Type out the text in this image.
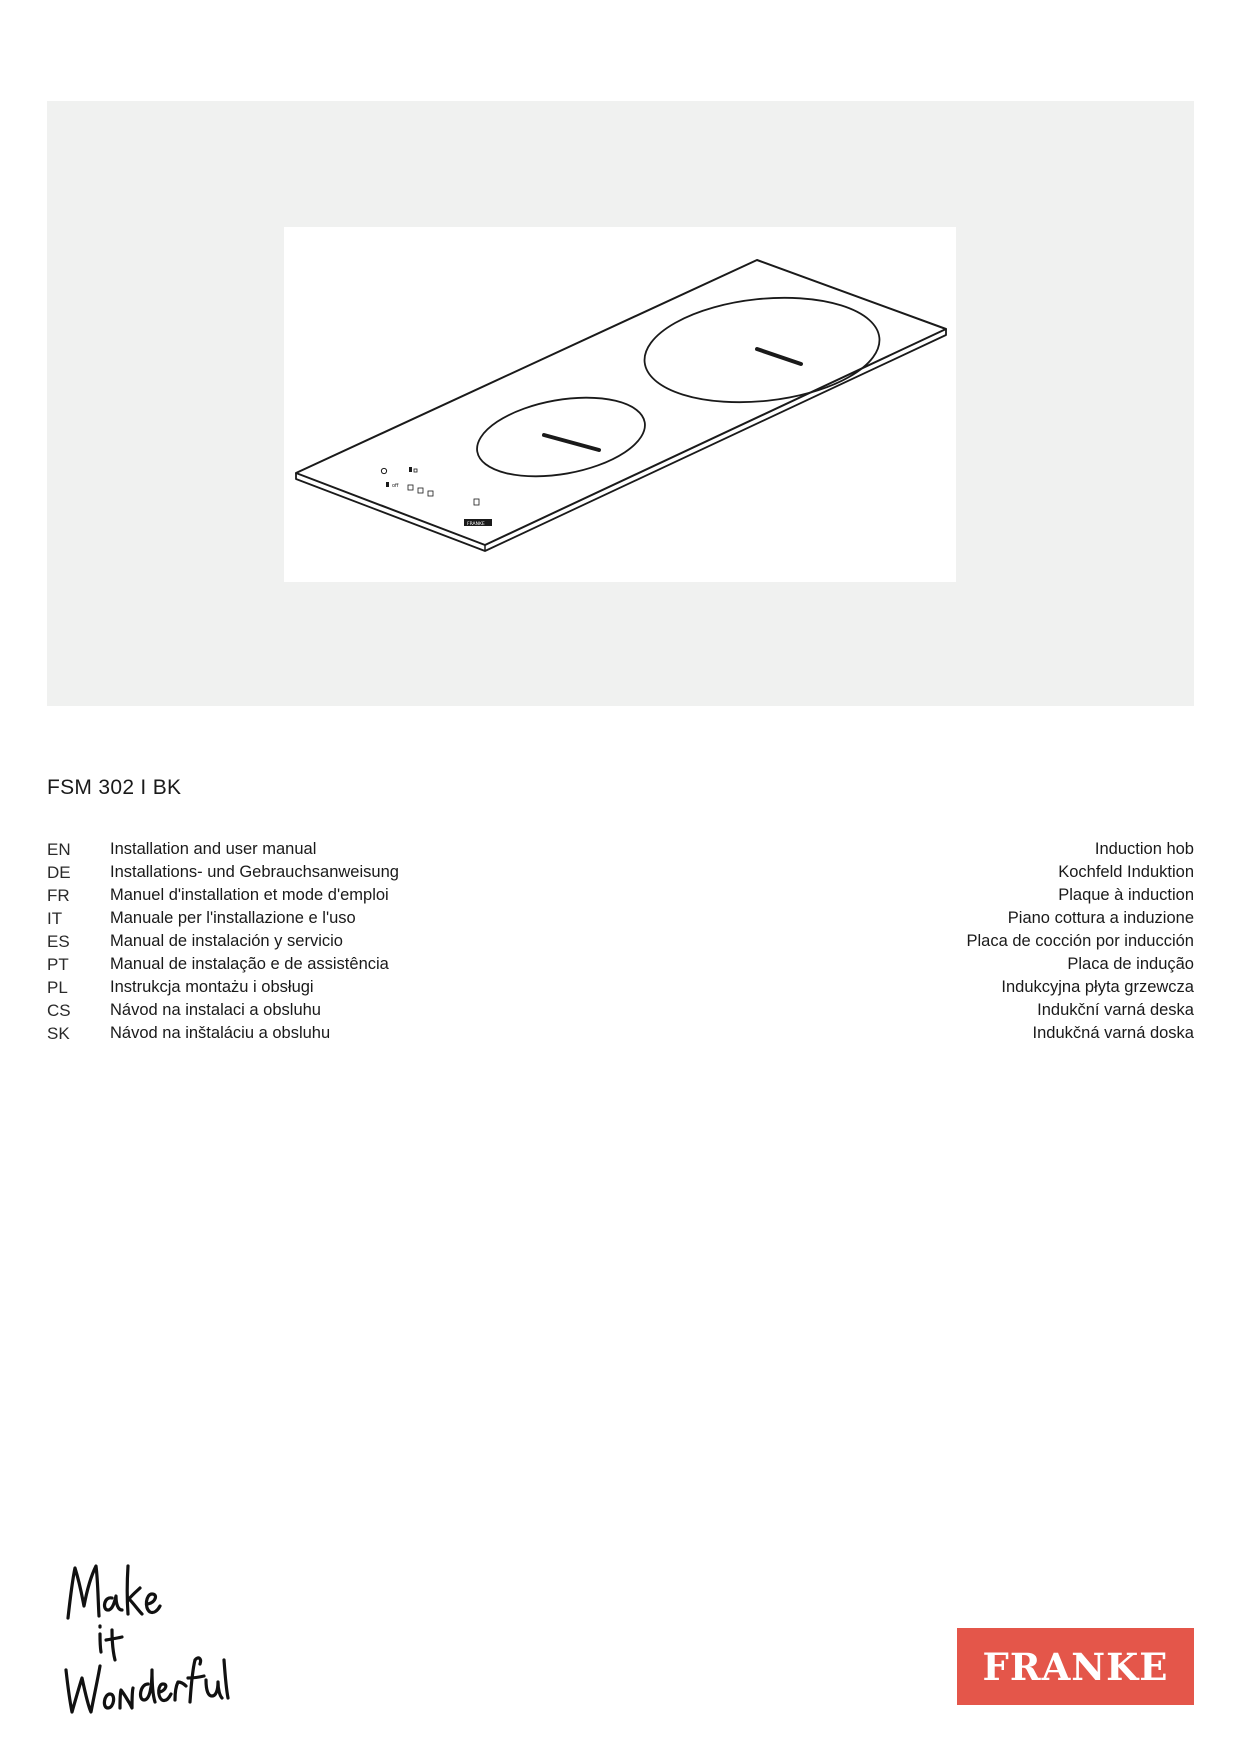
off
FRANKE
FSM 302 I BK
EN Installation and user manual	Induction hob
DE Installations- und Gebrauchsanweisung	Kochfeld Induktion
FR Manuel d'installation et mode d'emploi	Plaque à induction
IT	Manuale per l'installazione e l'uso	Piano cottura a induzione
ES Manual de instalación y servicio	Placa de cocción por inducción
PT	Manual de instalação e de assistência	Placa de indução
PL	Instrukcja montażu i obsługi	Indukcyjna płyta grzewcza
CS Návod na instalaci a obsluhu	Indukční varná deska
SK Návod na inštaláciu a obsluhu	Indukčná varná doska
FRANKE
